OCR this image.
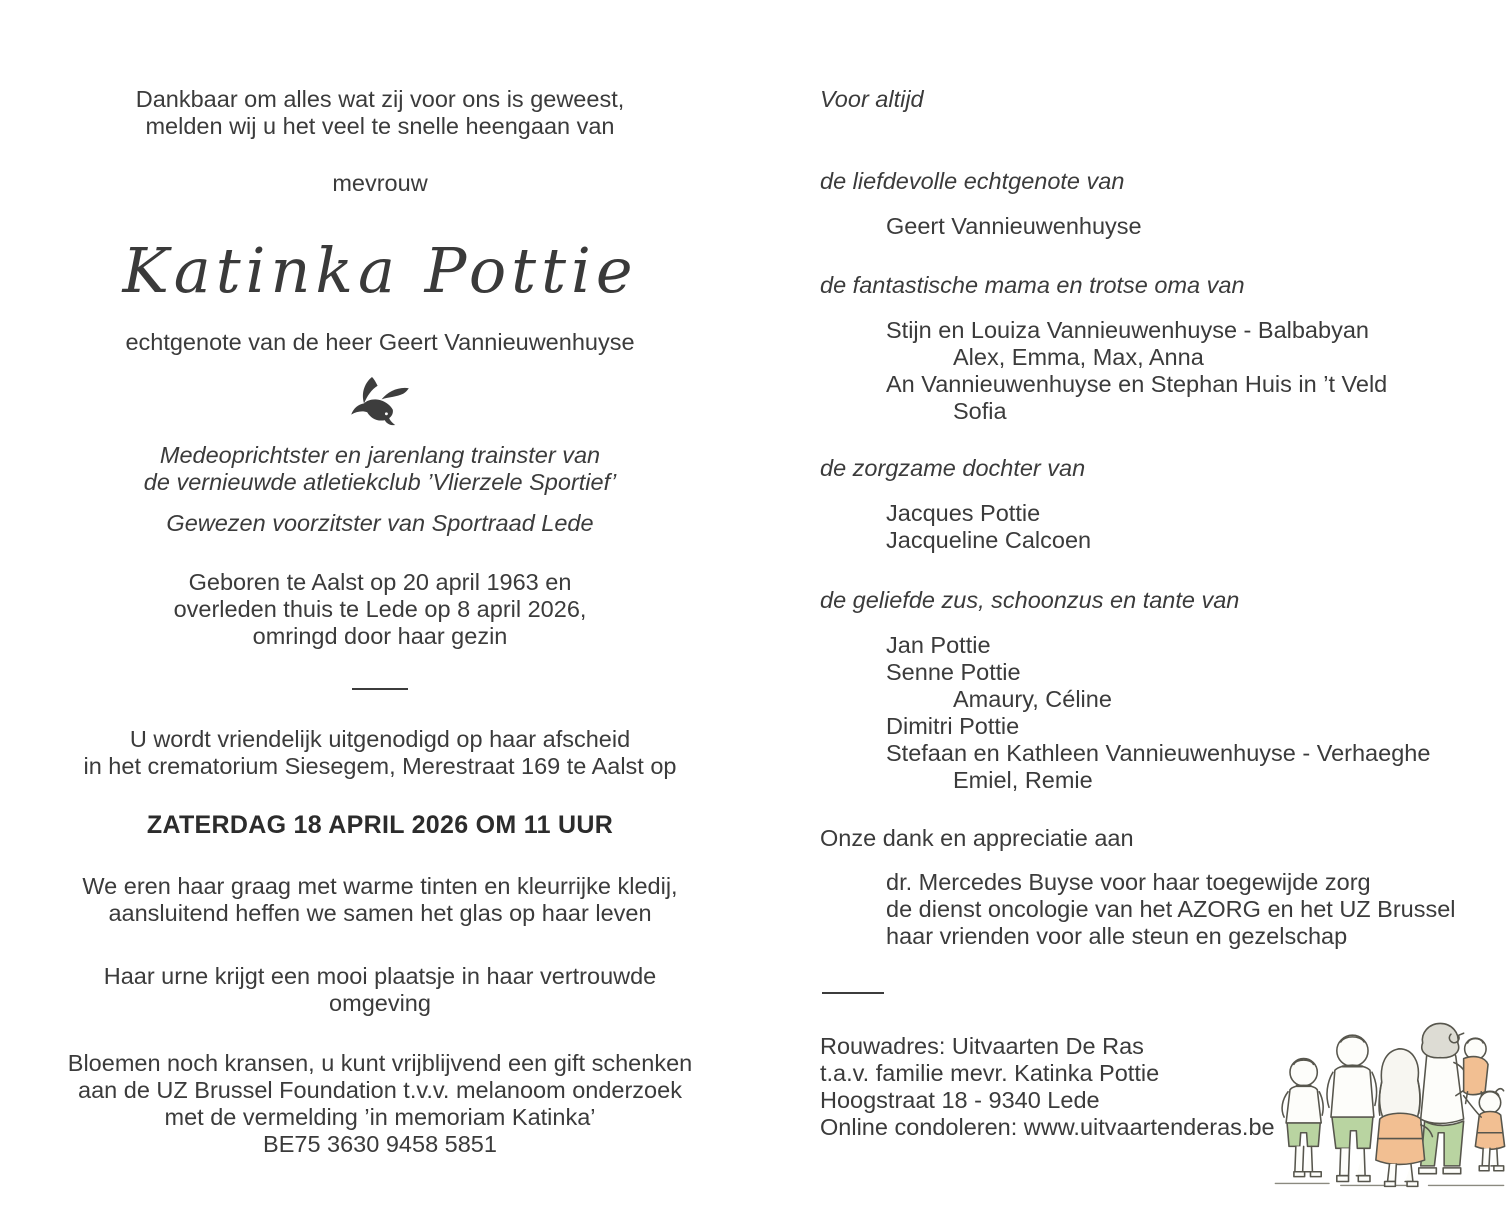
Dankbaar om alles wat zij voor ons is geweest,
melden wij u het veel te snelle heengaan van
mevrouw
Katinka Pottie
echtgenote van de heer Geert Vannieuwenhuyse
Medeoprichtster en jarenlang trainster van
de vernieuwde atletiekclub ’Vlierzele Sportief’
Gewezen voorzitster van Sportraad Lede
Geboren te Aalst op 20 april 1963 en
overleden thuis te Lede op 8 april 2026,
omringd door haar gezin
U wordt vriendelijk uitgenodigd op haar afscheid
in het crematorium Siesegem, Merestraat 169 te Aalst op
ZATERDAG 18 APRIL 2026 OM 11 UUR
We eren haar graag met warme tinten en kleurrijke kledij,
aansluitend heffen we samen het glas op haar leven
Haar urne krijgt een mooi plaatsje in haar vertrouwde omgeving
Bloemen noch kransen, u kunt vrijblijvend een gift schenken
aan de UZ Brussel Foundation t.v.v. melanoom onderzoek
met de vermelding ’in memoriam Katinka’
BE75 3630 9458 5851
Voor altijd
de liefdevolle echtgenote van
Geert Vannieuwenhuyse
de fantastische mama en trotse oma van
Stijn en Louiza Vannieuwenhuyse - Balbabyan
Alex, Emma, Max, Anna
An Vannieuwenhuyse en Stephan Huis in ’t Veld
Sofia
de zorgzame dochter van
Jacques Pottie
Jacqueline Calcoen
de geliefde zus, schoonzus en tante van
Jan Pottie
Senne Pottie
Amaury, Céline
Dimitri Pottie
Stefaan en Kathleen Vannieuwenhuyse - Verhaeghe
Emiel, Remie
Onze dank en appreciatie aan
dr. Mercedes Buyse voor haar toegewijde zorg
de dienst oncologie van het AZORG en het UZ Brussel
haar vrienden voor alle steun en gezelschap
Rouwadres: Uitvaarten De Ras
t.a.v. familie mevr. Katinka Pottie
Hoogstraat 18 - 9340 Lede
Online condoleren: www.uitvaartenderas.be
